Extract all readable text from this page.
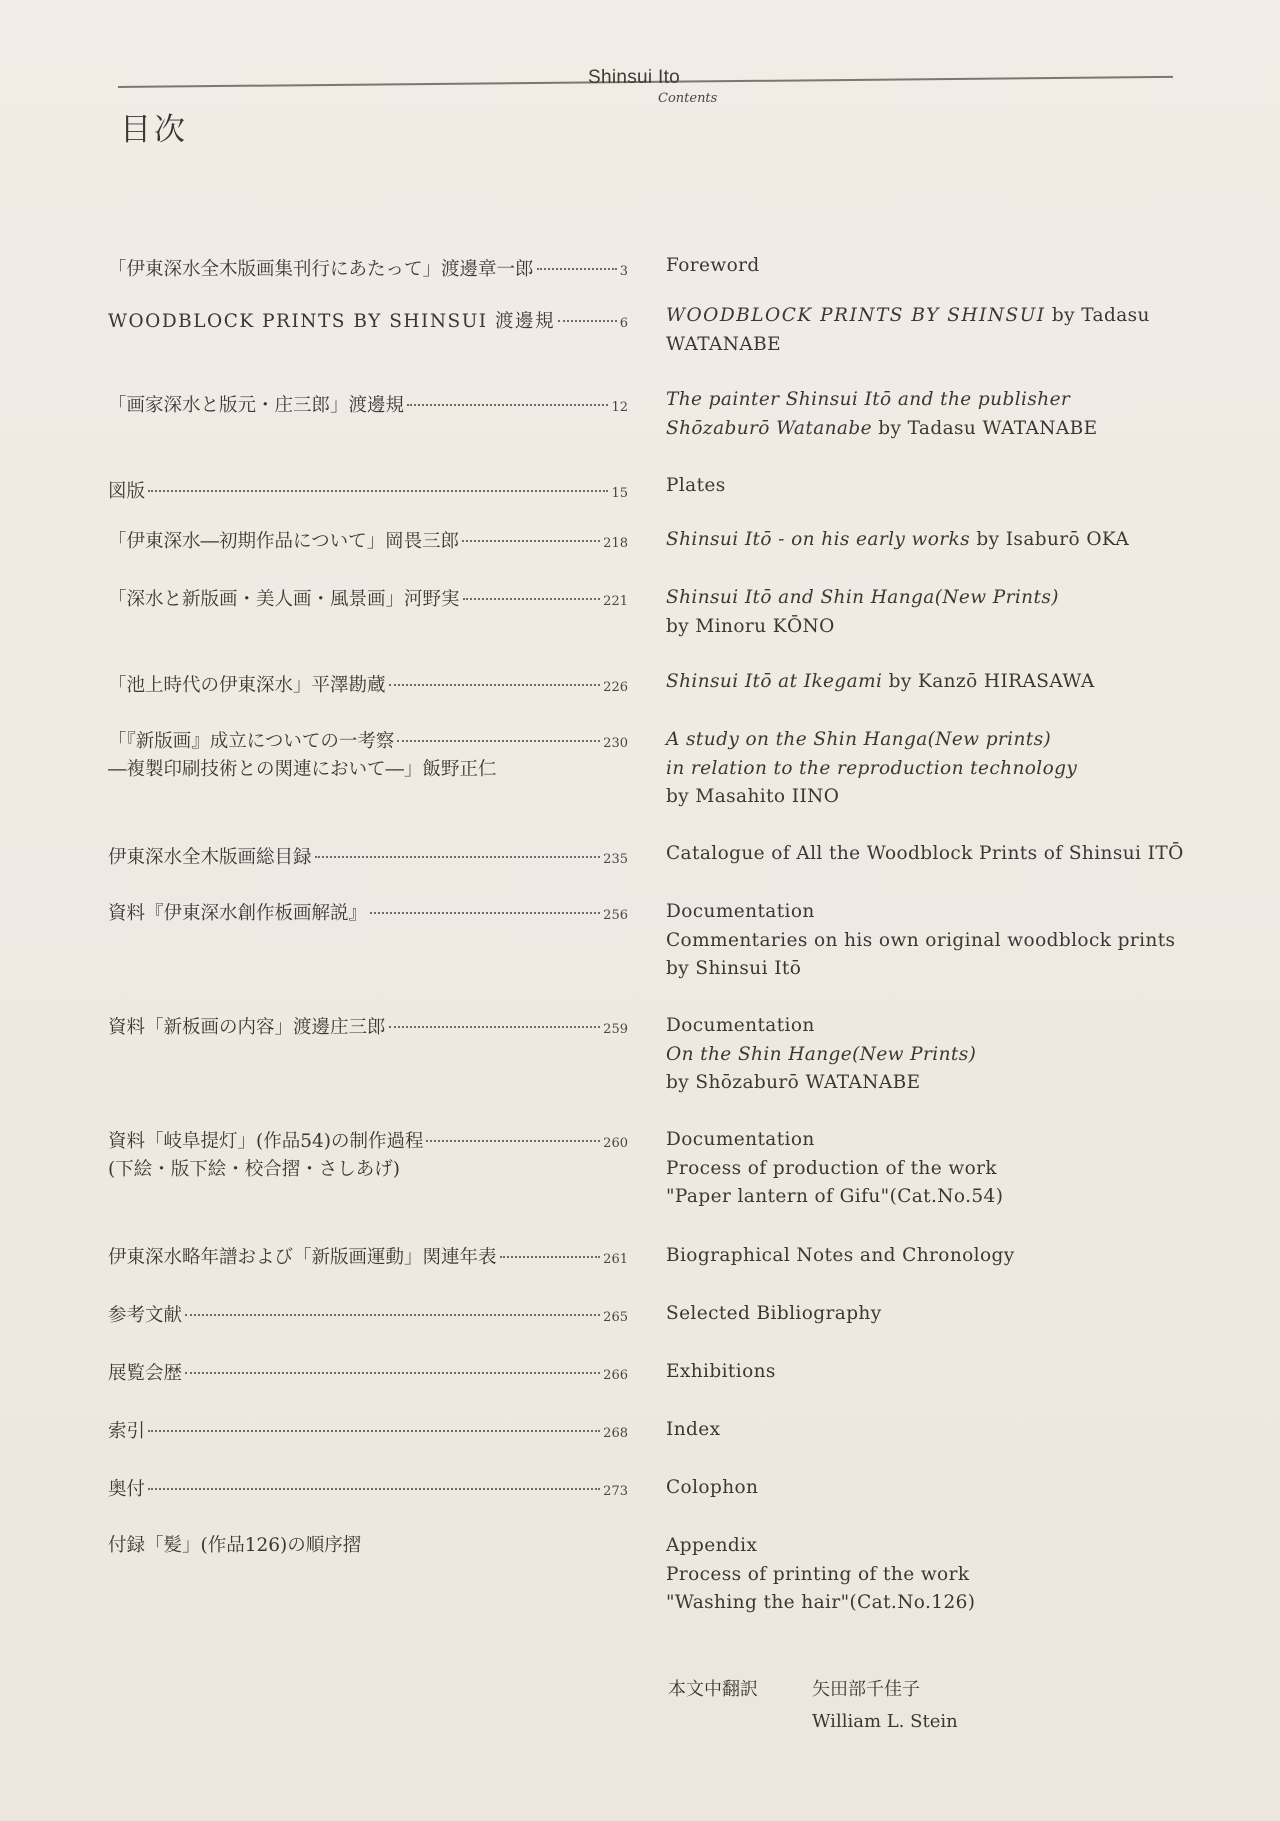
Shinsui Ito
Contents
目次
「伊東深水全木版画集刊行にあたって」渡邊章一郎	3 Foreword
WOODBLOCK PRINTS BY SHINSUI 渡邊規	6 WOODBLOCK PRINTS BY SHINSUI by Tadasu
WATANABE
「画家深水と版元・庄三郎」渡邊規	12 The painter Shinsui Itō and the publisher
Shōzaburō Watanabe by Tadasu WATANABE
図版	15 Plates
「伊東深水―初期作品について」岡畏三郎	218 Shinsui Itō - on his early works by Isaburō OKA
「深水と新版画・美人画・風景画」河野実	221 Shinsui Itō and Shin Hanga(New Prints)
by Minoru KŌNO
「池上時代の伊東深水」平澤勘蔵	226 Shinsui Itō at Ikegami by Kanzō HIRASAWA
「『新版画』成立についての一考察	230
―複製印刷技術との関連において―」飯野正仁
A study on the Shin Hanga(New prints)
in relation to the reproduction technology
by Masahito IINO
伊東深水全木版画総目録	235 Catalogue of All the Woodblock Prints of Shinsui ITŌ
資料『伊東深水創作板画解説』	256 Documentation
Commentaries on his own original woodblock prints
by Shinsui Itō
資料「新板画の内容」渡邊庄三郎	259 Documentation
On the Shin Hange(New Prints)
by Shōzaburō WATANABE
資料「岐阜提灯」(作品54)の制作過程	260
(下絵・版下絵・校合摺・さしあげ)
Documentation
Process of production of the work
"Paper lantern of Gifu"(Cat.No.54)
伊東深水略年譜および「新版画運動」関連年表	261 Biographical Notes and Chronology
参考文献	265 Selected Bibliography
展覧会歴	266 Exhibitions
索引	268 Index
奥付	273 Colophon
付録「髪」(作品126)の順序摺	Appendix
Process of printing of the work
"Washing the hair"(Cat.No.126)
本文中翻訳	矢田部千佳子
William L. Stein
